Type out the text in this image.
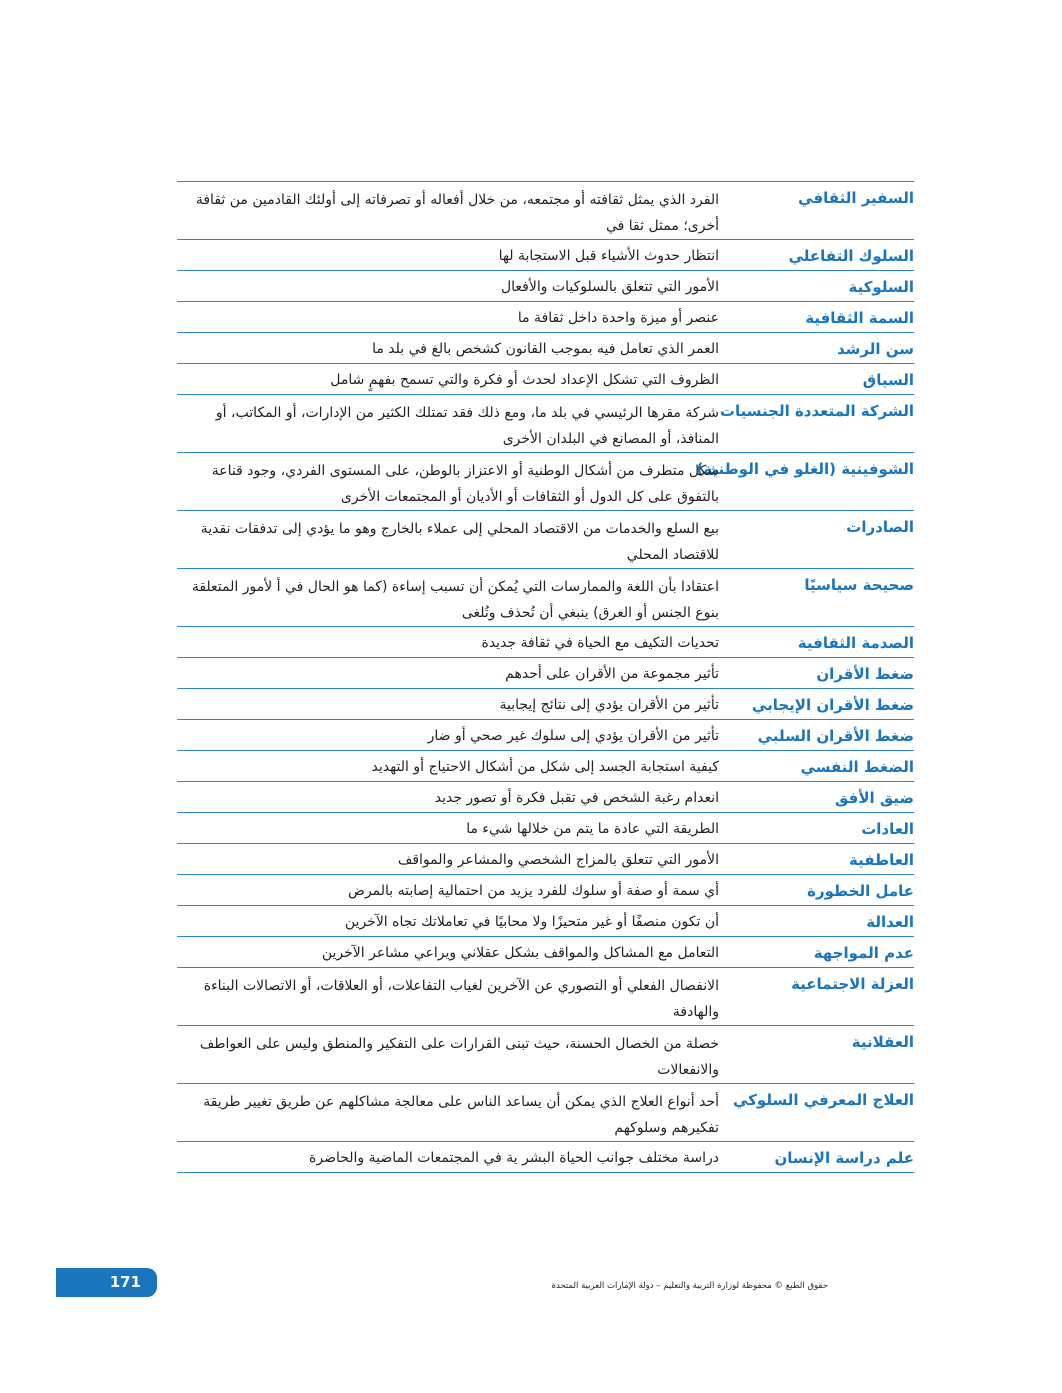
السفير الثقافي
الفرد الذي يمثل ثقافته أو مجتمعه، من خلال أفعاله أو تصرفاته إلى أولئك القادمين من ثقافة أخرى؛ ممثل ثقا في
السلوك التفاعلي
انتظار حدوث الأشياء قبل الاستجابة لها
السلوكية
الأمور التي تتعلق بالسلوكيات والأفعال
السمة الثقافية
عنصر أو ميزة واحدة داخل ثقافة ما
سن الرشد
العمر الذي تعامل فيه بموجب القانون كشخص بالغ في بلد ما
السياق
الظروف التي تشكل الإعداد لحدث أو فكرة والتي تسمح بفهمٍ شامل
الشركة المتعددة الجنسيات
شركة مقرها الرئيسي في بلد ما، ومع ذلك فقد تمتلك الكثير من الإدارات، أو المكاتب، أو المنافذ، أو المصانع في البلدان الأخرى
الشوفينية (الغلو في الوطنية)
شكل متطرف من أشكال الوطنية أو الاعتزاز بالوطن، على المستوى الفردي، وجود قناعة بالتفوق على كل الدول أو الثقافات أو الأديان أو المجتمعات الأخرى
الصادرات
بيع السلع والخدمات من الاقتصاد المحلي إلى عملاء بالخارج وهو ما يؤدي إلى تدفقات نقدية للاقتصاد المحلي
صحيحة سياسيًا
اعتقادا بأن اللغة والممارسات التي يُمكن أن تسبب إساءة (كما هو الحال في أ لأمور المتعلقة بنوع الجنس أو العرق) ينبغي أن تُحذف وتُلغى
الصدمة الثقافية
تحديات التكيف مع الحياة في ثقافة جديدة
ضغط الأقران
تأثير مجموعة من الأقران على أحدهم
ضغط الأقران الإيجابي
تأثير من الأقران يؤدي إلى نتائج إيجابية
ضغط الأقران السلبي
تأثير من الأقران يؤدي إلى سلوك غير صحي أو ضار
الضغط النفسي
كيفية استجابة الجسد إلى شكل من أشكال الاحتياج أو التهديد
ضيق الأفق
انعدام رغبة الشخص في تقبل فكرة أو تصور جديد
العادات
الطريقة التي عادة ما يتم من خلالها شيء ما
العاطفية
الأمور التي تتعلق بالمزاج الشخصي والمشاعر والمواقف
عامل الخطورة
أي سمة أو صفة أو سلوك للفرد يزيد من احتمالية إصابته بالمرض
العدالة
أن تكون منصفًا أو غير متحيزًا ولا محابيًا في تعاملاتك تجاه الآخرين
عدم المواجهة
التعامل مع المشاكل والمواقف بشكل عقلاني ويراعي مشاعر الآخرين
العزلة الاجتماعية
الانفصال الفعلي أو التصوري عن الآخرين لغياب التفاعلات، أو العلاقات، أو الاتصالات البناءة والهادفة
العقلانية
خصلة من الخصال الحسنة، حيث تبنى القرارات على التفكير والمنطق وليس على العواطف والانفعالات
العلاج المعرفي السلوكي
أحد أنواع العلاج الذي يمكن أن يساعد الناس على معالجة مشاكلهم عن طريق تغيير طريقة تفكيرهم وسلوكهم
علم دراسة الإنسان
دراسة مختلف جوانب الحياة البشر ية في المجتمعات الماضية والحاضرة
حقوق الطبع © محفوظة لوزارة التربية والتعليم – دولة الإمارات العربية المتحدة
171
